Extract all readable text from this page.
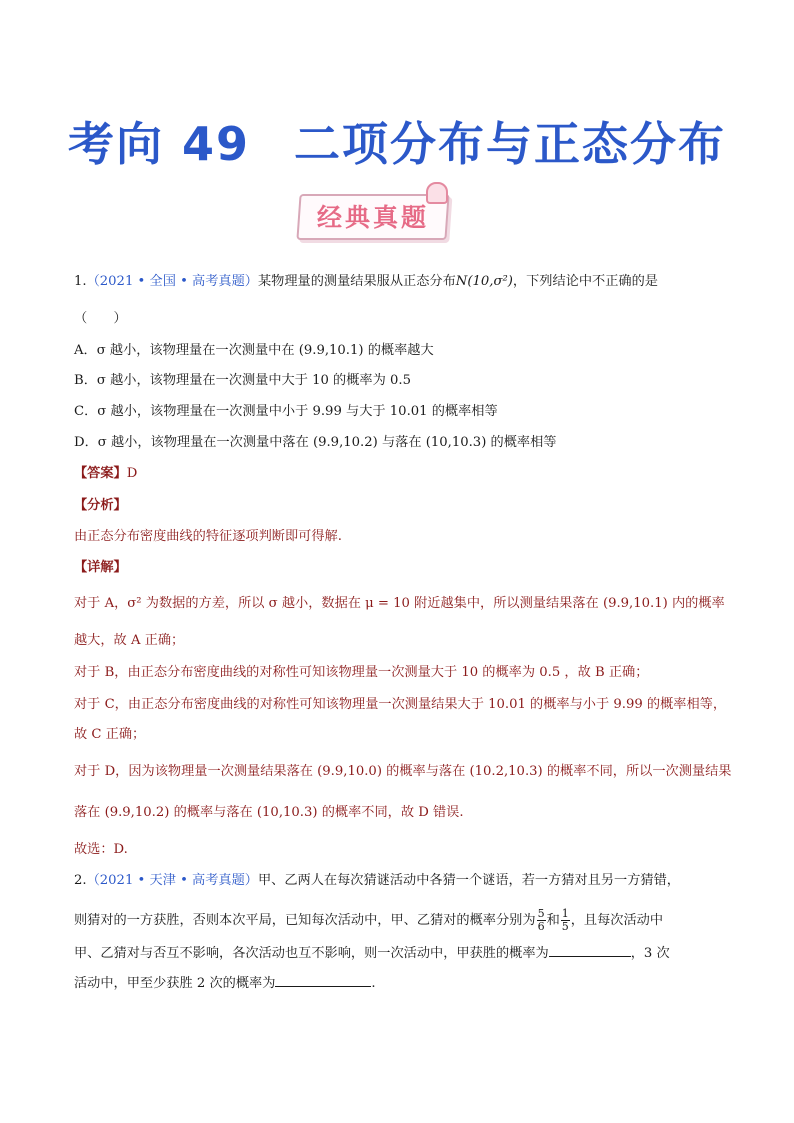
考向 49 二项分布与正态分布
经典真题
1.（2021 • 全国 • 高考真题）某物理量的测量结果服从正态分布N(10,σ²)，下列结论中不正确的是
（　　）
A．σ 越小，该物理量在一次测量中在 (9.9,10.1) 的概率越大
B．σ 越小，该物理量在一次测量中大于 10 的概率为 0.5
C．σ 越小，该物理量在一次测量中小于 9.99 与大于 10.01 的概率相等
D．σ 越小，该物理量在一次测量中落在 (9.9,10.2) 与落在 (10,10.3) 的概率相等
【答案】D
【分析】
由正态分布密度曲线的特征逐项判断即可得解.
【详解】
对于 A，σ² 为数据的方差，所以 σ 越小，数据在 μ = 10 附近越集中，所以测量结果落在 (9.9,10.1) 内的概率
越大，故 A 正确；
对于 B，由正态分布密度曲线的对称性可知该物理量一次测量大于 10 的概率为 0.5 ，故 B 正确；
对于 C，由正态分布密度曲线的对称性可知该物理量一次测量结果大于 10.01 的概率与小于 9.99 的概率相等，
故 C 正确；
对于 D，因为该物理量一次测量结果落在 (9.9,10.0) 的概率与落在 (10.2,10.3) 的概率不同，所以一次测量结果
落在 (9.9,10.2) 的概率与落在 (10,10.3) 的概率不同，故 D 错误.
故选：D.
2.（2021 • 天津 • 高考真题）甲、乙两人在每次猜谜活动中各猜一个谜语，若一方猜对且另一方猜错，
则猜对的一方获胜，否则本次平局，已知每次活动中，甲、乙猜对的概率分别为 $\frac{5}{6}$ 和 $\frac{1}{5}$ ，且每次活动中
甲、乙猜对与否互不影响，各次活动也互不影响，则一次活动中，甲获胜的概率为	，3 次
活动中，甲至少获胜 2 次的概率为	.
